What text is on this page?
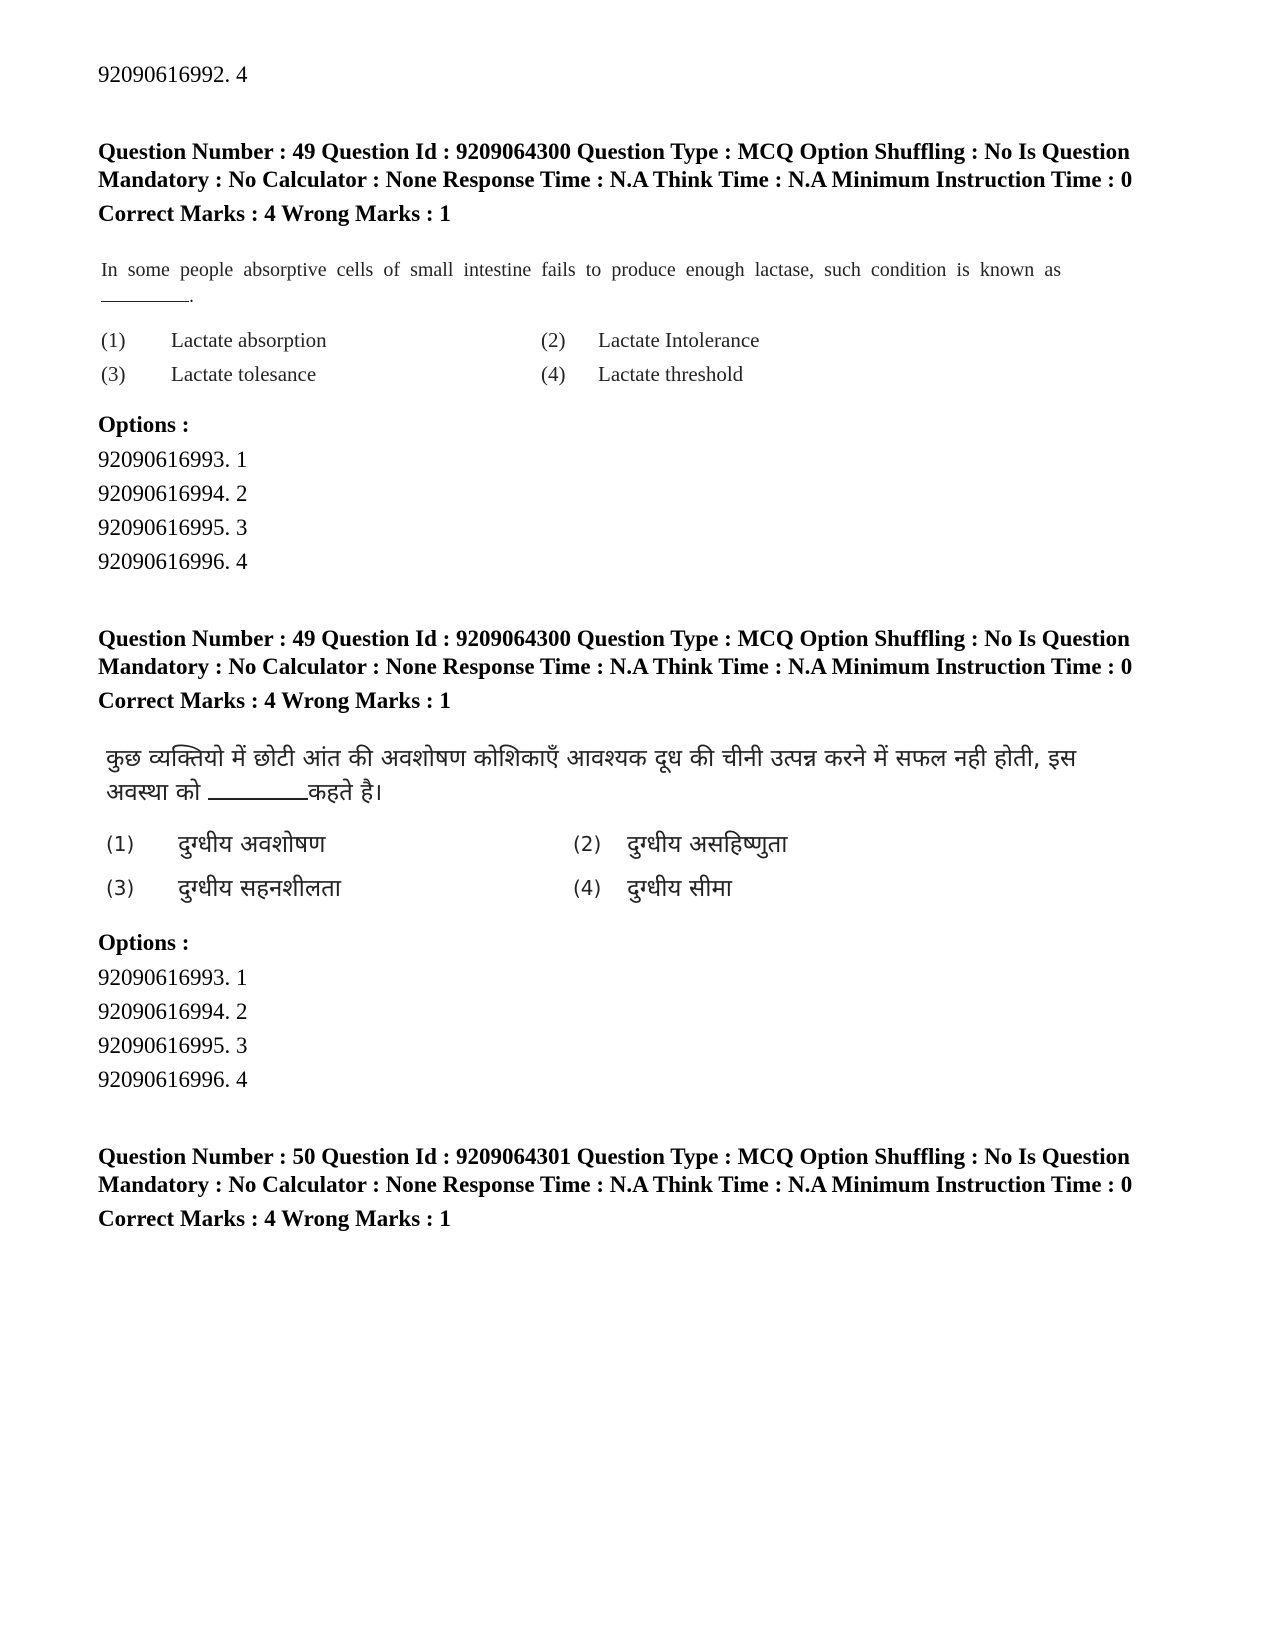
92090616992. 4

Question Number : 49 Question Id : 9209064300 Question Type : MCQ Option Shuffling : No Is Question Mandatory : No Calculator : None Response Time : N.A Think Time : N.A Minimum Instruction Time : 0

Correct Marks : 4 Wrong Marks : 1

In some people absorptive cells of small intestine fails to produce enough lactase, such condition is known as .
(1)	Lactate absorption	(2)	Lactate Intolerance
(3)	Lactate tolesance	(4)	Lactate threshold

Options :

92090616993. 1

92090616994. 2

92090616995. 3

92090616996. 4

Question Number : 49 Question Id : 9209064300 Question Type : MCQ Option Shuffling : No Is Question Mandatory : No Calculator : None Response Time : N.A Think Time : N.A Minimum Instruction Time : 0

Correct Marks : 4 Wrong Marks : 1

कुछ व्यक्तियो में छोटी आंत की अवशोषण कोशिकाएँ आवश्यक दूध की चीनी उत्पन्न करने में सफल नही होती, इस अवस्था को	कहते है।
(1)	दुग्धीय अवशोषण	(2)	दुग्धीय असहिष्णुता
(3)	दुग्धीय सहनशीलता	(4)	दुग्धीय सीमा

Options :

92090616993. 1

92090616994. 2

92090616995. 3

92090616996. 4

Question Number : 50 Question Id : 9209064301 Question Type : MCQ Option Shuffling : No Is Question Mandatory : No Calculator : None Response Time : N.A Think Time : N.A Minimum Instruction Time : 0

Correct Marks : 4 Wrong Marks : 1
